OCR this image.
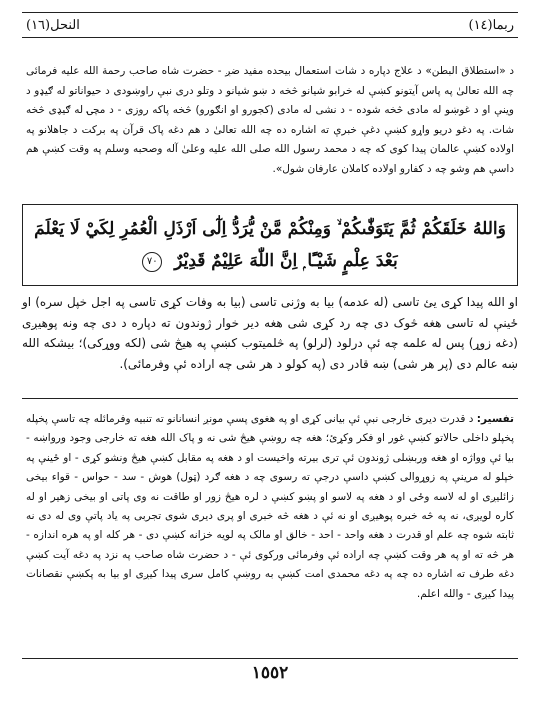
النحل(١٦)	ربما(١٤)

د «استطلاق البطن» د علاج دپاره د شات استعمال بیحده مفید ضږ - حضرت شاه صاحب رحمة الله علیه فرمائی چه الله تعالیٰ په پاس آیتونو کښې له خرابو شیانو څخه د ښو شیانو د وتلو دری نبې راوښودی د حیواناتو له ګیډو د وینې او د غوښو له مادی څخه شوده - د نشی له مادی (کجورو او انګورو) څخه پاکه روزی - د مچۍ له ګیډی څخه شات. په دغو دریو واړو کښې دغې خبرې ته اشاره ده چه الله تعالیٰ د هم دغه پاک قرآن په برکت د جاهلانو په اولاده کښې عالمان پیدا کوی که چه د محمد رسول الله صلی الله علیه وعلیٰ آله وصحبه وسلم په وقت کښې هم داسې هم وشو چه د کفارو اولاده کاملان عارفان شول».

وَاللهُ خَلَقَكُمْ ثُمَّ يَتَوَفّٰىكُمْ ۙ وَمِنْكُمْ مَّنْ يُّرَدُّ اِلٰٓى اَرْذَلِ الْعُمُرِ لِكَيْ لَا يَعْلَمَ
بَعْدَ عِلْمٍ شَيْـًٔا ۭ اِنَّ اللّٰهَ عَلِيْمٌ قَدِيْرٌ ٧٠

او الله پیدا کړی یئ تاسی (له عدمه) بیا به وژنی تاسی (بیا به وفات کړی تاسی په اجل خپل سره) او ځینې له تاسی هغه څوک دی چه رد کړی شی هغه دیر خوار ژوندون ته دپاره د دی چه ونه پوهیږی (دغه زوړ) پس له علمه چه ئې درلود (لرلو) په څلمیتوب کښې په هیڅ شی (لکه ووړکی)؛ بیشکه الله ښه عالم دی (پر هر شی) ښه قادر دی (په کولو د هر شی چه اراده ئې وفرمائی).

تفسیر: د قدرت دیری خارجی نبې ئې بیانی کړی او په هغوی پسې مونږ انسانانو ته تنبیه وفرمائله چه تاسې پخپله پخپلو داخلی حالاتو کښې غور او فکر وکړئ؛ هغه چه روښې هیڅ شی نه و پاک الله هغه ته خارجی وجود ورواښه - بیا ئې وواژه او هغه وربښلی ژوندون ئې تری بیرته واخیست او د هغه په مقابل کښې هیڅ ونشو کړی - او ځینې په خپلو له مرینې په زوړوالی کښې داسې درجې ته رسوی چه د هغه ګرد (ټول) هوش - سد - حواس - قواء بیخی زائلیږی او له لاسه وځی او د هغه په لاسو او پښو کښې د لره هیڅ زور او طاقت نه وی پاتی او بیخی زهیر او له کاره لویږی، نه په څه خبره پوهیږی او نه ئې د هغه څه خبری او پری دیری شوی تجربی په یاد پاتې وی له دی نه ثابته شوه چه علم او قدرت د هغه واحد - احد - خالق او مالک په لویه خزانه کښې دی - هر کله او په هره اندازه - هر څه ته او په هر وقت کښې چه اراده ئې وفرمائی ورکوی ئې - د حضرت شاه صاحب په نزد په دغه آیت کښې دغه طرف ته اشاره ده چه په دغه محمدی امت کښې به روښې کامل سری پیدا کیږی او بیا به پکښې نقصانات پیدا کیږی - والله اعلم.

١٥٥٢
